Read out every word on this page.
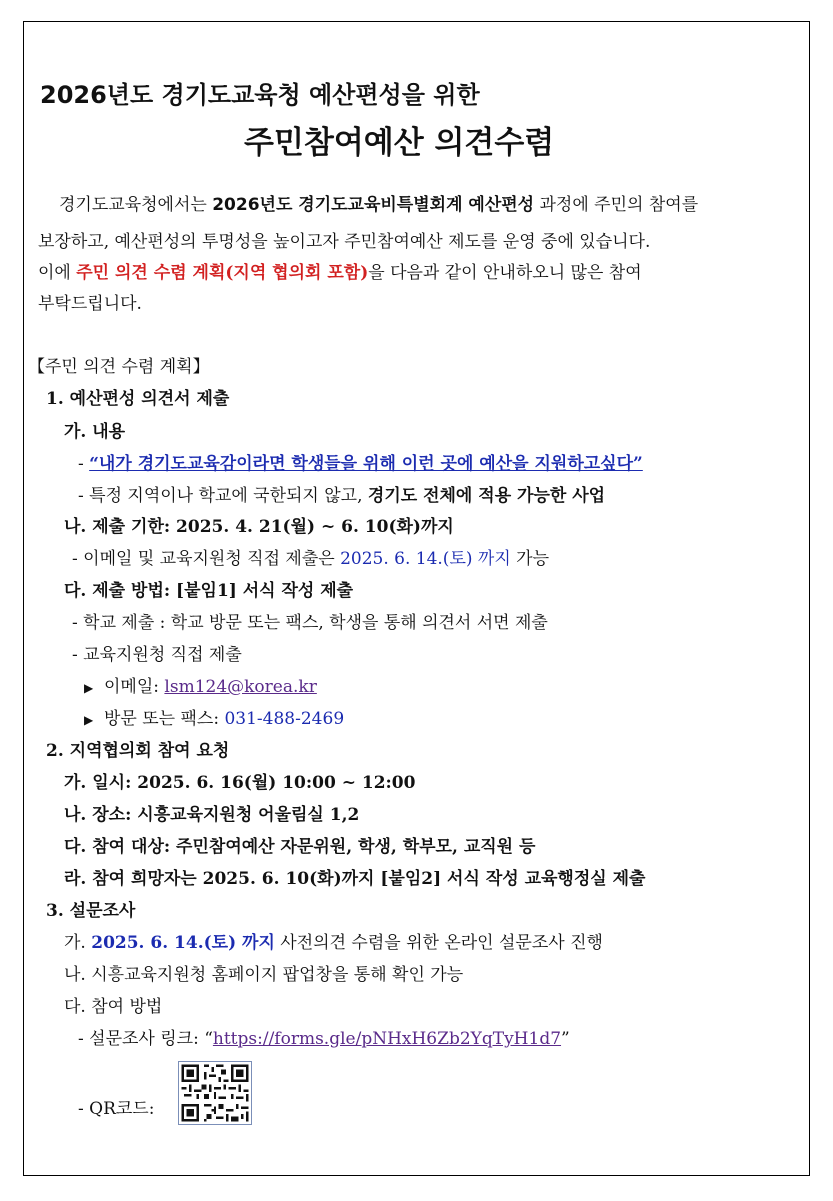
2026년도 경기도교육청 예산편성을 위한
주민참여예산 의견수렴
경기도교육청에서는 2026년도 경기도교육비특별회계 예산편성 과정에 주민의 참여를
보장하고, 예산편성의 투명성을 높이고자 주민참여예산 제도를 운영 중에 있습니다.
이에 주민 의견 수렴 계획(지역 협의회 포함)을 다음과 같이 안내하오니 많은 참여
부탁드립니다.
【주민 의견 수렴 계획】
1. 예산편성 의견서 제출
가. 내용
- “내가 경기도교육감이라면 학생들을 위해 이런 곳에 예산을 지원하고싶다”
- 특정 지역이나 학교에 국한되지 않고, 경기도 전체에 적용 가능한 사업
나. 제출 기한: 2025. 4. 21(월) ~ 6. 10(화)까지
- 이메일 및 교육지원청 직접 제출은 2025. 6. 14.(토) 까지 가능
다. 제출 방법: [붙임1] 서식 작성 제출
- 학교 제출 : 학교 방문 또는 팩스, 학생을 통해 의견서 서면 제출
- 교육지원청 직접 제출
▶ 이메일: lsm124@korea.kr
▶ 방문 또는 팩스: 031-488-2469
2. 지역협의회 참여 요청
가. 일시: 2025. 6. 16(월) 10:00 ~ 12:00
나. 장소: 시흥교육지원청 어울림실 1,2
다. 참여 대상: 주민참여예산 자문위원, 학생, 학부모, 교직원 등
라. 참여 희망자는 2025. 6. 10(화)까지 [붙임2] 서식 작성 교육행정실 제출
3. 설문조사
가. 2025. 6. 14.(토) 까지 사전의견 수렴을 위한 온라인 설문조사 진행
나. 시흥교육지원청 홈페이지 팝업창을 통해 확인 가능
다. 참여 방법
- 설문조사 링크: “https://forms.gle/pNHxH6Zb2YqTyH1d7”
- QR코드:
